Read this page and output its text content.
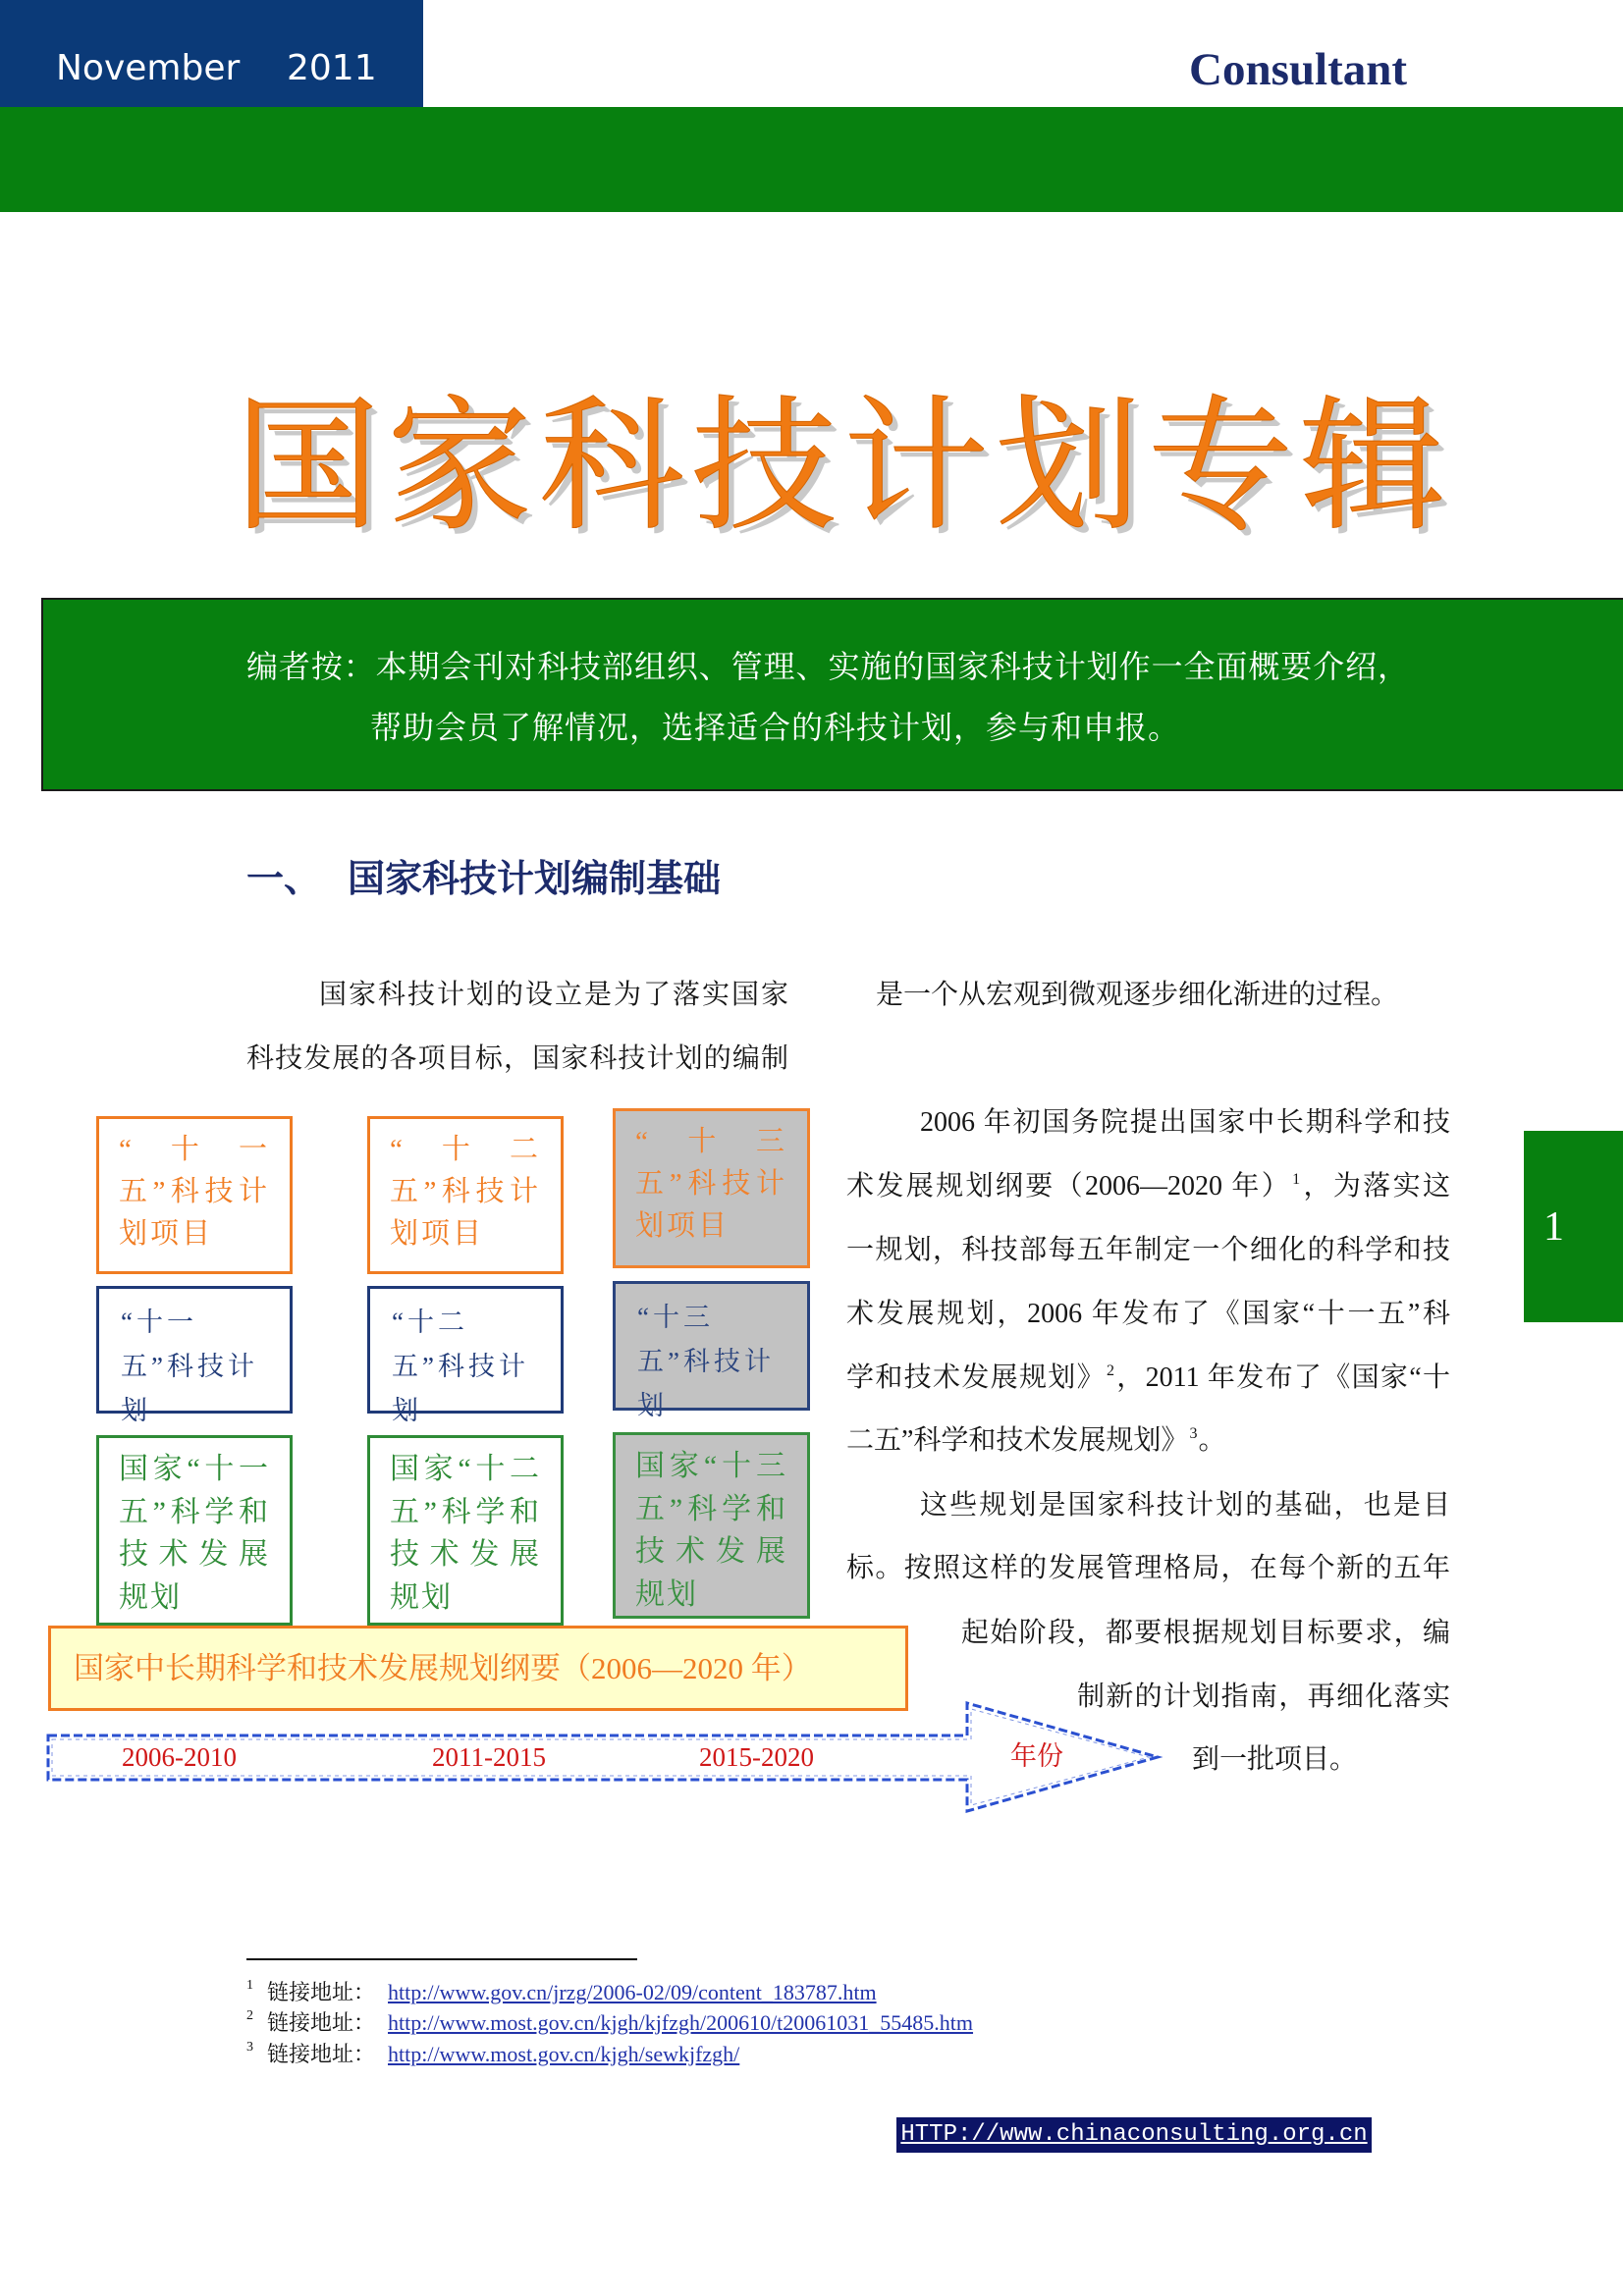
November 2011	Consultant
国家科技计划专辑
编者按：本期会刊对科技部组织、管理、实施的国家科技计划作一全面概要介绍，
帮助会员了解情况，选择适合的科技计划，参与和申报。
一、 国家科技计划编制基础
国家科技计划的设立是为了落实国家
科技发展的各项目标，国家科技计划的编制
是一个从宏观到微观逐步细化渐进的过程。
2006 年初国务院提出国家中长期科学和技
术发展规划纲要（2006—2020 年）$^1$，为落实这
一规划，科技部每五年制定一个细化的科学和技
术发展规划，2006 年发布了《国家“十一五”科
学和技术发展规划》$^2$，2011 年发布了《国家“十
二五”科学和技术发展规划》$^3$。
这些规划是国家科技计划的基础，也是目
标。按照这样的发展管理格局，在每个新的五年
起始阶段，都要根据规划目标要求，编
制新的计划指南，再细化落实
到一批项目。
“十一五”科技计划项目
“十二五”科技计划项目
“十三五”科技计划项目
“十一五”科技计划
“十二五”科技计划
“十三五”科技计划
国家“十一五”科学和技术发展规划
国家“十二五”科学和技术发展规划
国家“十三五”科学和技术发展规划
国家中长期科学和技术发展规划纲要（2006—2020 年）
2006-2010	2011-2015	2015-2020	年份
1
1 链接地址： http://www.gov.cn/jrzg/2006-02/09/content_183787.htm
2 链接地址： http://www.most.gov.cn/kjgh/kjfzgh/200610/t20061031_55485.htm
3 链接地址： http://www.most.gov.cn/kjgh/sewkjfzgh/
HTTP://www.chinaconsulting.org.cn
